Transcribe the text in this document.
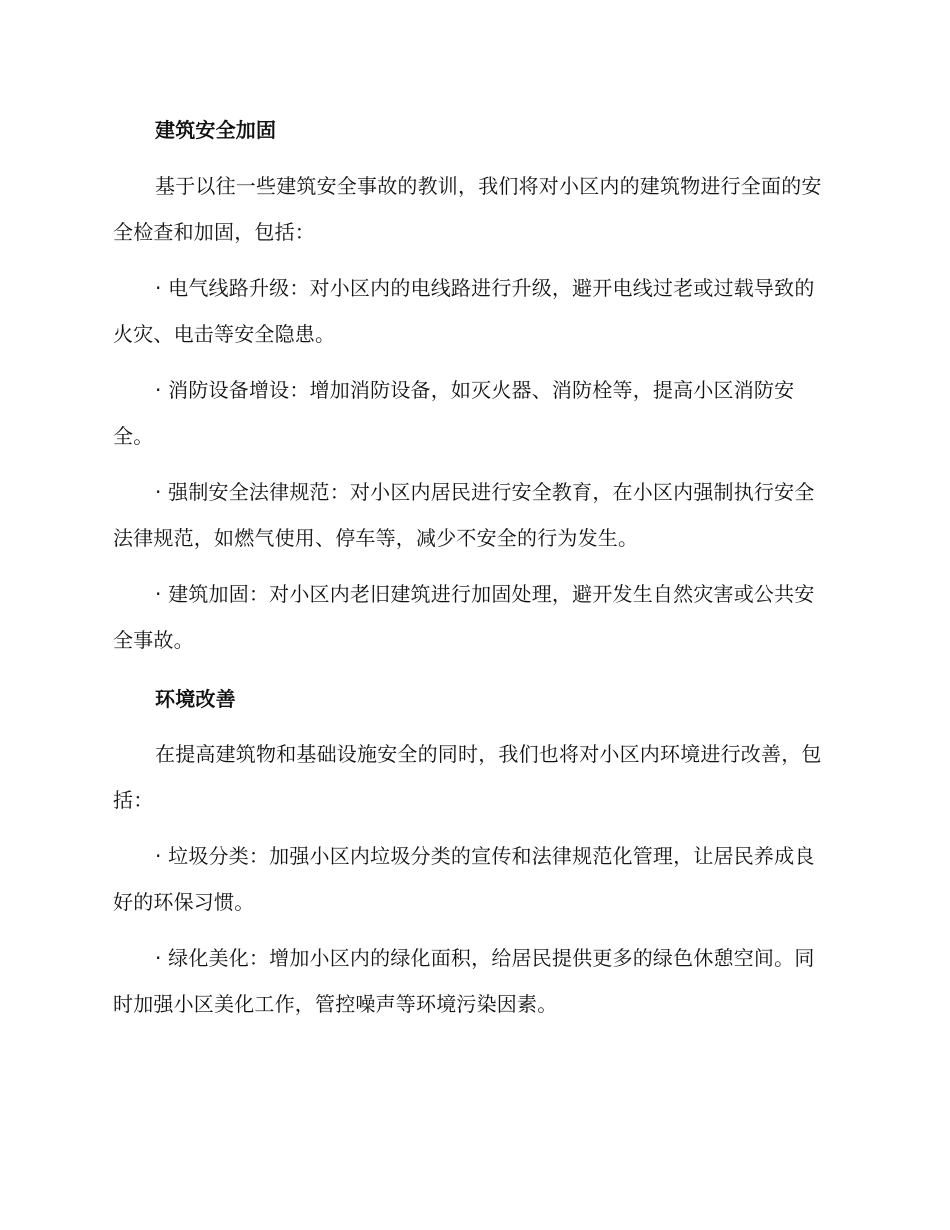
建筑安全加固

基于以往一些建筑安全事故的教训，我们将对小区内的建筑物进行全面的安全检查和加固，包括：

· 电气线路升级：对小区内的电线路进行升级，避开电线过老或过载导致的火灾、电击等安全隐患。

· 消防设备增设：增加消防设备，如灭火器、消防栓等，提高小区消防安全。

· 强制安全法律规范：对小区内居民进行安全教育，在小区内强制执行安全法律规范，如燃气使用、停车等，减少不安全的行为发生。

· 建筑加固：对小区内老旧建筑进行加固处理，避开发生自然灾害或公共安全事故。

环境改善

在提高建筑物和基础设施安全的同时，我们也将对小区内环境进行改善，包括：

· 垃圾分类：加强小区内垃圾分类的宣传和法律规范化管理，让居民养成良好的环保习惯。

· 绿化美化：增加小区内的绿化面积，给居民提供更多的绿色休憩空间。同时加强小区美化工作，管控噪声等环境污染因素。
